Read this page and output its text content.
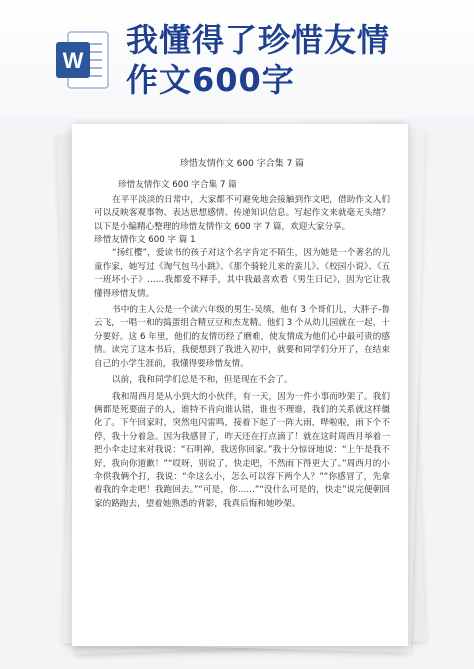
W
我懂得了珍惜友情
作文600字
珍惜友情作文 600 字合集 7 篇
珍惜友情作文 600 字合集 7 篇

在平平淡淡的日常中，大家都不可避免地会接触到作文吧，借助作文人们可以反映客观事物、表达思想感情、传递知识信息。写起作文来就毫无头绪？以下是小编精心整理的珍惜友情作文 600 字 7 篇，欢迎大家分享。

珍惜友情作文 600 字 篇 1

“扬红樱”，爱读书的孩子对这个名字肯定不陌生，因为她是一个著名的儿童作家，她写过《淘气包马小跳》、《那个骑轮儿来的蛮儿》、《校园小说》、《五一班坏小子》……我都爱不释手，其中我最喜欢看《男生日记》，因为它让我懂得珍惜友情。

书中的主人公是一个读六年级的男生-吴缜，他有 3 个哥们儿，大胖子-鲁云飞，一唱一和的捣蛋组合精豆豆和杰龙精。他们 3 个从幼儿园就在一起，十分要好。这 6 年里，他们的友情历经了磨难，使友情成为他们心中最可贵的感情。读完了这本书后，我便想到了我进入初中，就要和同学们分开了，在结束自己的小学生涯前，我懂得要珍惜友情。

以前，我和同学们总是不和，但是现在不会了。

我和周西月是从小到大的小伙伴，有一天，因为一件小事而吵架了。我们俩都是死要面子的人，谁特不肯向谁认错，谁也不理谁，我们的关系就这样僵化了。下午回家时，突然电闪雷鸣，接着下起了一阵大雨，哗啦啦，雨下个不停，我十分着急。因为我感冒了，昨天还在打点滴了！就在这时周西月举着一把小伞走过来对我说：“石明禅，我送你回家。”我十分惊讶地说：“上午是我不好，我向你道歉！”“哎呀，别说了，快走吧，不然雨下得更大了。”周西月的小伞供我俩个打，我说：“伞这么小，怎么可以容下两个人？”“你感冒了，先拿着我的伞走吧！我跑回去。”“可是，你……”“没什么可是的，快走”说完便朝回家的路跑去，望着她熟悉的背影，我真后悔和她吵架。
